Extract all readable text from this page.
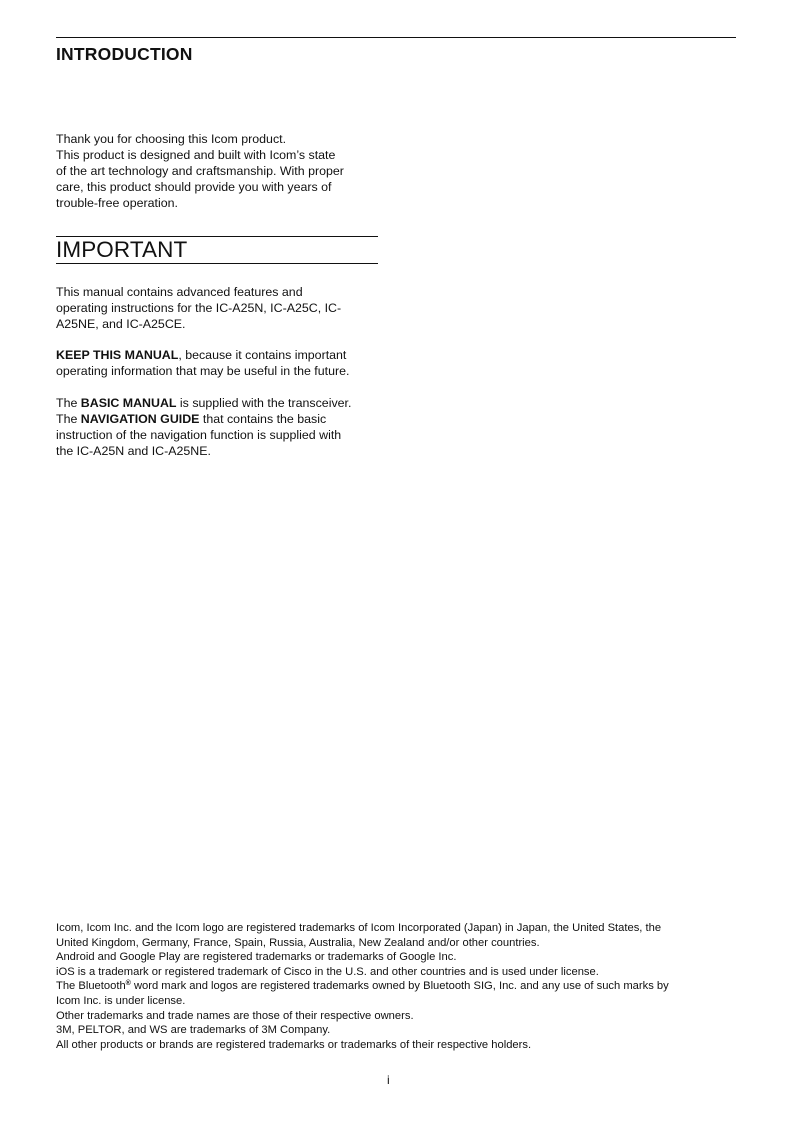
INTRODUCTION

Thank you for choosing this Icom product.

This product is designed and built with Icom’s state

of the art technology and craftsmanship. With proper

care, this product should provide you with years of

trouble-free operation.

IMPORTANT

This manual contains advanced features and

operating instructions for the IC-A25N, IC-A25C, IC-

A25NE, and IC-A25CE.

KEEP THIS MANUAL, because it contains important

operating information that may be useful in the future.

The BASIC MANUAL is supplied with the transceiver.

The NAVIGATION GUIDE that contains the basic

instruction of the navigation function is supplied with

the IC-A25N and IC-A25NE.

Icom, Icom Inc. and the Icom logo are registered trademarks of Icom Incorporated (Japan) in Japan, the United States, the

United Kingdom, Germany, France, Spain, Russia, Australia, New Zealand and/or other countries.

Android and Google Play are registered trademarks or trademarks of Google Inc.

iOS is a trademark or registered trademark of Cisco in the U.S. and other countries and is used under license.

The Bluetooth® word mark and logos are registered trademarks owned by Bluetooth SIG, Inc. and any use of such marks by

Icom Inc. is under license.

Other trademarks and trade names are those of their respective owners.

3M, PELTOR, and WS are trademarks of 3M Company.

All other products or brands are registered trademarks or trademarks of their respective holders.

i
